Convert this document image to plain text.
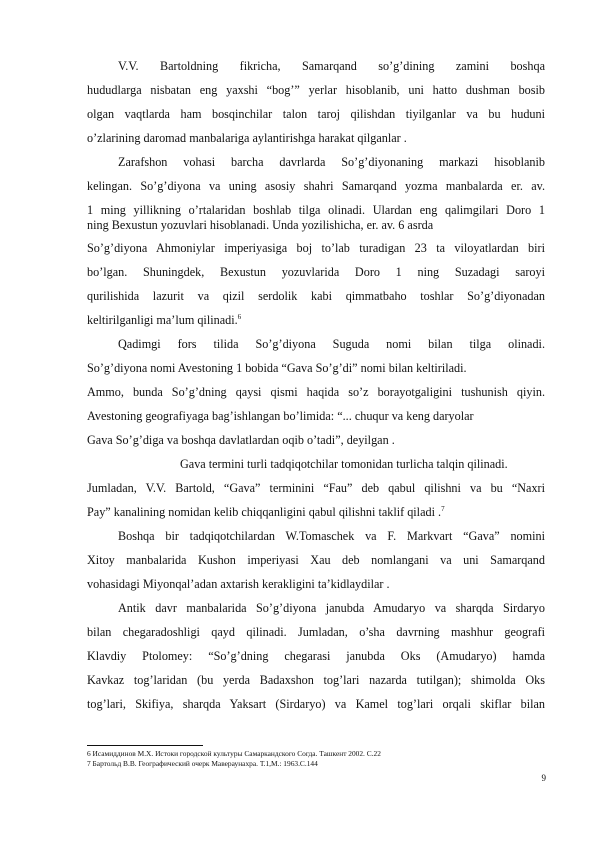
V.V. Bartoldning fikricha, Samarqand so’g’dining zamini boshqa
hududlarga nisbatan eng yaxshi “bog’” yerlar hisoblanib, uni hatto dushman bosib
olgan vaqtlarda ham bosqinchilar talon taroj qilishdan tiyilganlar va bu huduni
o’zlarining daromad manbalariga aylantirishga harakat qilganlar .
Zarafshon vohasi barcha davrlarda So’g’diyonaning markazi hisoblanib
kelingan. So’g’diyona va uning asosiy shahri Samarqand yozma manbalarda er. av.
1 ming yillikning o’rtalaridan boshlab tilga olinadi. Ulardan eng qalimgilari Doro 1
ning Bexustun yozuvlari hisoblanadi. Unda yozilishicha, er. av. 6 asrda
So’g’diyona Ahmoniylar imperiyasiga boj to’lab turadigan 23 ta viloyatlardan biri
bo’lgan. Shuningdek, Bexustun yozuvlarida Doro 1 ning Suzadagi saroyi
qurilishida lazurit va qizil serdolik kabi qimmatbaho toshlar So’g’diyonadan
keltirilganligi ma’lum qilinadi.$^6$
Qadimgi fors tilida So’g’diyona Suguda nomi bilan tilga olinadi.
So’g’diyona nomi Avestoning 1 bobida “Gava So’g’di” nomi bilan keltiriladi.
Ammo, bunda So’g’dning qaysi qismi haqida so’z borayotgaligini tushunish qiyin.
Avestoning geografiyaga bag’ishlangan bo’limida: “... chuqur va keng daryolar
Gava So’g’diga va boshqa davlatlardan oqib o’tadi”, deyilgan .
Gava termini turli tadqiqotchilar tomonidan turlicha talqin qilinadi.
Jumladan, V.V. Bartold, “Gava” terminini “Fau” deb qabul qilishni va bu “Naxri
Pay” kanalining nomidan kelib chiqqanligini qabul qilishni taklif qiladi .$^7$
Boshqa bir tadqiqotchilardan W.Tomaschek va F. Markvart “Gava” nomini
Xitoy manbalarida Kushon imperiyasi Xau deb nomlangani va uni Samarqand
vohasidagi Miyonqal’adan axtarish kerakligini ta’kidlaydilar .
Antik davr manbalarida So’g’diyona janubda Amudaryo va sharqda Sirdaryo
bilan chegaradoshligi qayd qilinadi. Jumladan, o’sha davrning mashhur geografi
Klavdiy Ptolomey: “So’g’dning chegarasi janubda Oks (Amudaryo) hamda
Kavkaz tog’laridan (bu yerda Badaxshon tog’lari nazarda tutilgan); shimolda Oks
tog’lari, Skifiya, sharqda Yaksart (Sirdaryo) va Kamel tog’lari orqali skiflar bilan
6 Исамиддинов М.Х. Истоки городской культуры Самаркандского Согда. Ташкент 2002. С.22
7 Бартольд В.В. Географический очерк Мавераунахра. Т.1,М.: 1963.С.144
9
